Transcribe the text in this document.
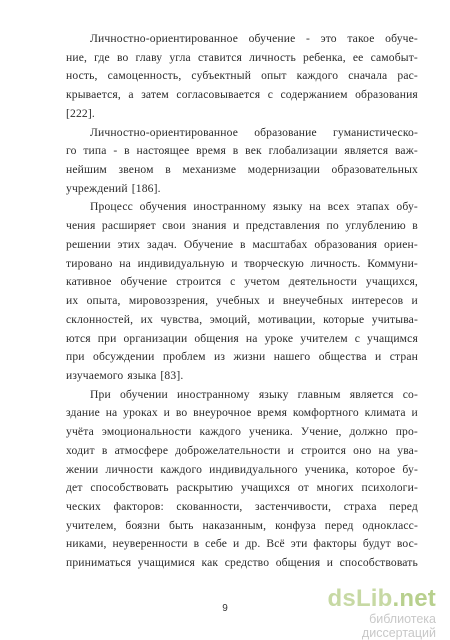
Личностно-ориентированное обучение - это такое обуче-
ние, где во главу угла ставится личность ребенка, ее самобыт-
ность, самоценность, субъектный опыт каждого сначала рас-
крывается, а затем согласовывается с содержанием образования
[222].
Личностно-ориентированное образование гуманистическо-
го типа - в настоящее время в век глобализации является важ-
нейшим звеном в механизме модернизации образовательных
учреждений [186].
Процесс обучения иностранному языку на всех этапах обу-
чения расширяет свои знания и представления по углублению в
решении этих задач. Обучение в масштабах образования ориен-
тировано на индивидуальную и творческую личность. Коммуни-
кативное обучение строится с учетом деятельности учащихся,
их опыта, мировоззрения, учебных и внеучебных интересов и
склонностей, их чувства, эмоций, мотивации, которые учитыва-
ются при организации общения на уроке учителем с учащимся
при обсуждении проблем из жизни нашего общества и стран
изучаемого языка [83].
При обучении иностранному языку главным является со-
здание на уроках и во внеурочное время комфортного климата и
учёта эмоциональности каждого ученика. Учение, должно про-
ходит в атмосфере доброжелательности и строится оно на ува-
жении личности каждого индивидуального ученика, которое бу-
дет способствовать раскрытию учащихся от многих психологи-
ческих факторов: скованности, застенчивости, страха перед
учителем, боязни быть наказанным, конфуза перед однокласс-
никами, неуверенности в себе и др. Всё эти факторы будут вос-
приниматься учащимися как средство общения и способствовать
9	dsLib.net
библиотека диссертаций
